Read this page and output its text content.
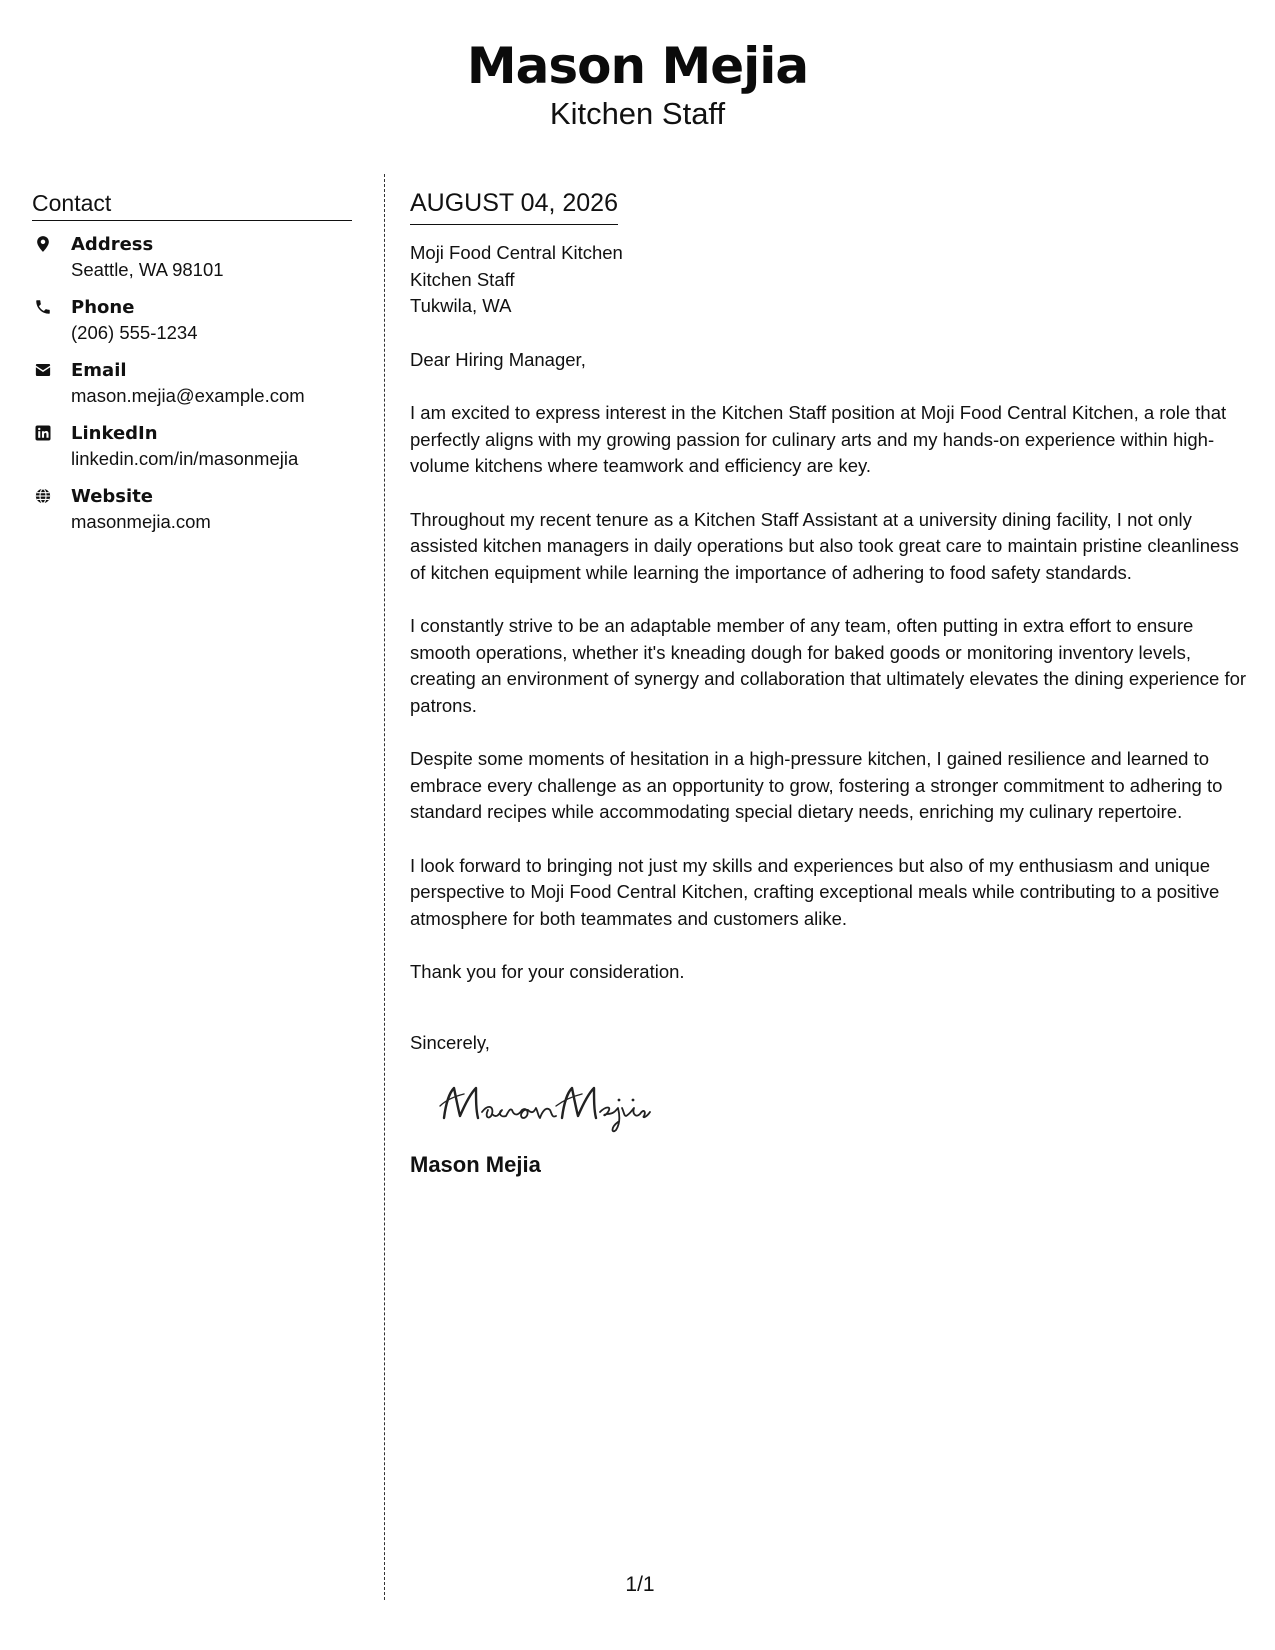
Mason Mejia
Kitchen Staff
Contact
Address
Seattle, WA 98101
Phone
(206) 555-1234
Email
mason.mejia@example.com
LinkedIn
linkedin.com/in/masonmejia
Website
masonmejia.com
AUGUST 04, 2026
Moji Food Central Kitchen
Kitchen Staff
Tukwila, WA
Dear Hiring Manager,
I am excited to express interest in the Kitchen Staff position at Moji Food Central Kitchen, a role that perfectly aligns with my growing passion for culinary arts and my hands-on experience within high-volume kitchens where teamwork and efficiency are key.
Throughout my recent tenure as a Kitchen Staff Assistant at a university dining facility, I not only assisted kitchen managers in daily operations but also took great care to maintain pristine cleanliness of kitchen equipment while learning the importance of adhering to food safety standards.
I constantly strive to be an adaptable member of any team, often putting in extra effort to ensure smooth operations, whether it's kneading dough for baked goods or monitoring inventory levels, creating an environment of synergy and collaboration that ultimately elevates the dining experience for patrons.
Despite some moments of hesitation in a high-pressure kitchen, I gained resilience and learned to embrace every challenge as an opportunity to grow, fostering a stronger commitment to adhering to standard recipes while accommodating special dietary needs, enriching my culinary repertoire.
I look forward to bringing not just my skills and experiences but also of my enthusiasm and unique perspective to Moji Food Central Kitchen, crafting exceptional meals while contributing to a positive atmosphere for both teammates and customers alike.
Thank you for your consideration.
Sincerely,
Mason Mejia
1/1
